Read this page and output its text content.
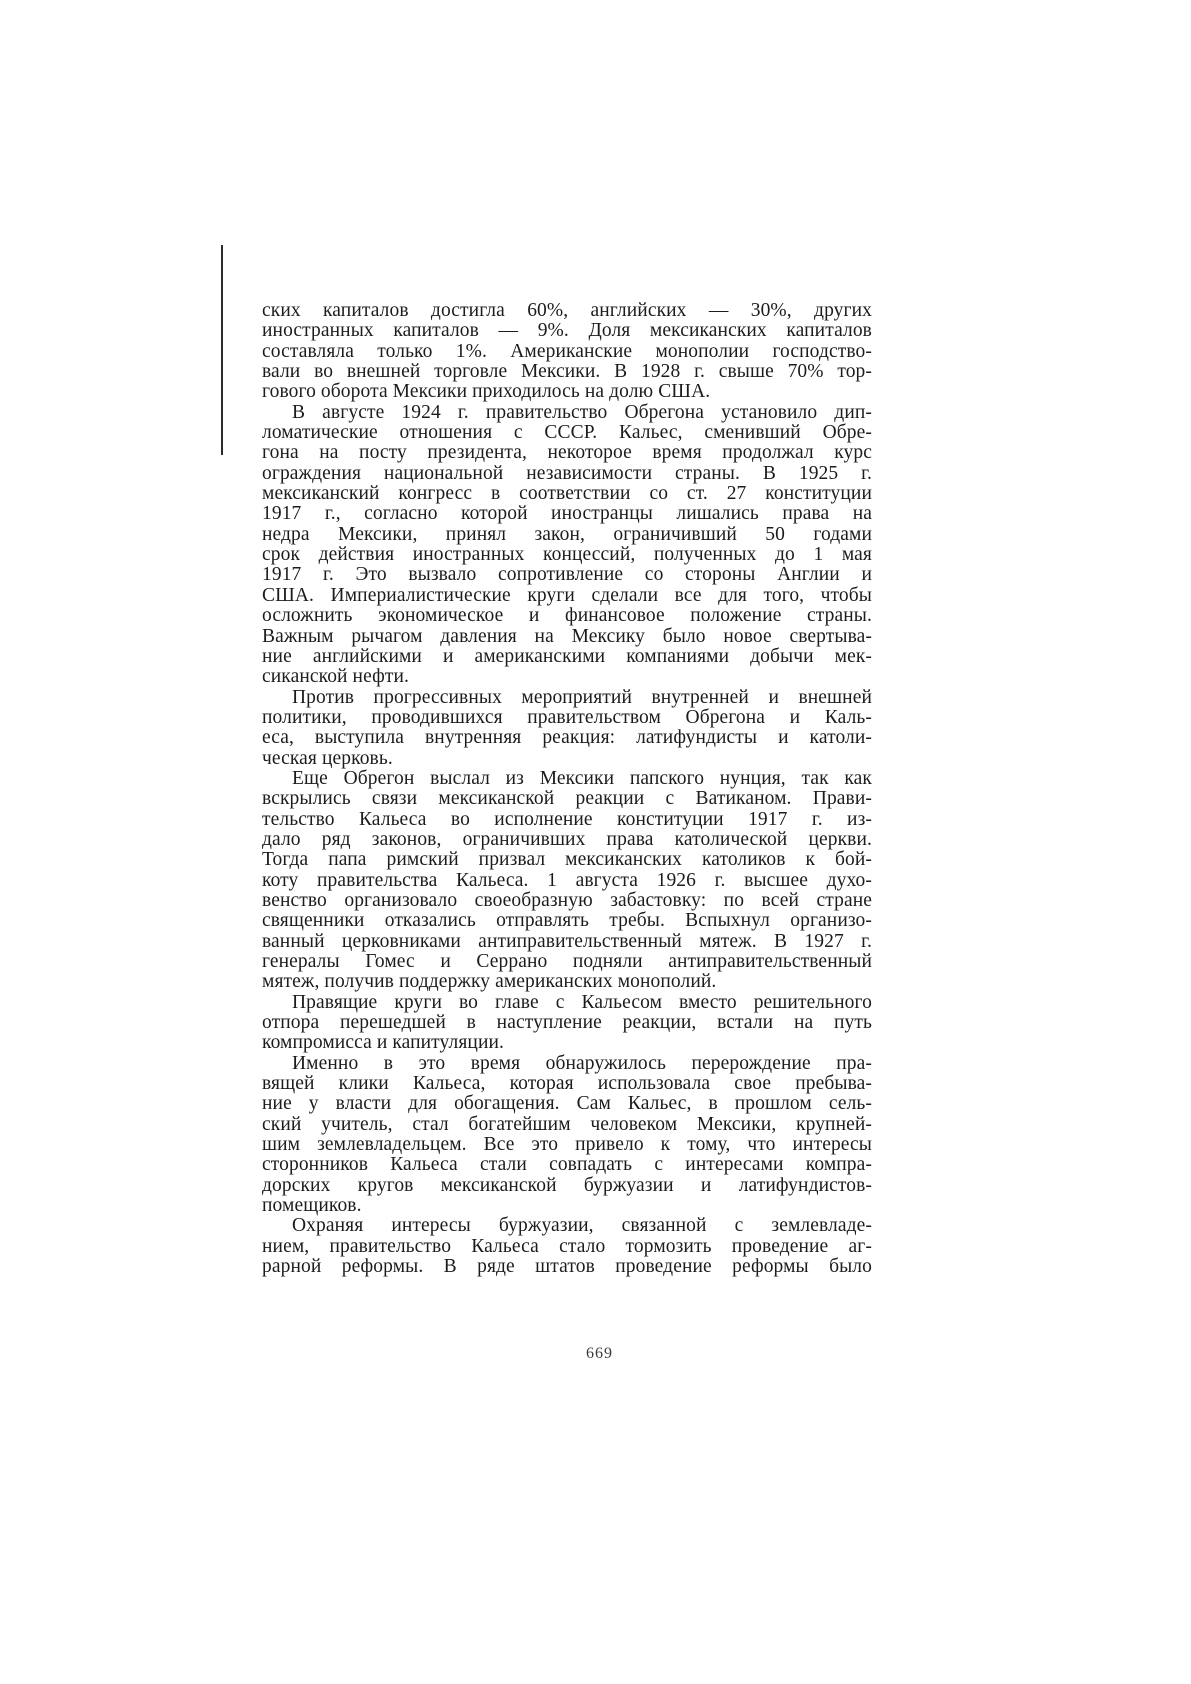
ских капиталов достигла 60%, английских — 30%, других
иностранных капиталов — 9%. Доля мексиканских капиталов
составляла только 1%. Американские монополии господство-
вали во внешней торговле Мексики. В 1928 г. свыше 70% тор-
гового оборота Мексики приходилось на долю США.
В августе 1924 г. правительство Обрегона установило дип-
ломатические отношения с СССР. Кальес, сменивший Обре-
гона на посту президента, некоторое время продолжал курс
ограждения национальной независимости страны. В 1925 г.
мексиканский конгресс в соответствии со ст. 27 конституции
1917 г., согласно которой иностранцы лишались права на
недра Мексики, принял закон, ограничивший 50 годами
срок действия иностранных концессий, полученных до 1 мая
1917 г. Это вызвало сопротивление со стороны Англии и
США. Империалистические круги сделали все для того, чтобы
осложнить экономическое и финансовое положение страны.
Важным рычагом давления на Мексику было новое свертыва-
ние английскими и американскими компаниями добычи мек-
сиканской нефти.
Против прогрессивных мероприятий внутренней и внешней
политики, проводившихся правительством Обрегона и Каль-
еса, выступила внутренняя реакция: латифундисты и католи-
ческая церковь.
Еще Обрегон выслал из Мексики папского нунция, так как
вскрылись связи мексиканской реакции с Ватиканом. Прави-
тельство Кальеса во исполнение конституции 1917 г. из-
дало ряд законов, ограничивших права католической церкви.
Тогда папа римский призвал мексиканских католиков к бой-
коту правительства Кальеса. 1 августа 1926 г. высшее духо-
венство организовало своеобразную забастовку: по всей стране
священники отказались отправлять требы. Вспыхнул организо-
ванный церковниками антиправительственный мятеж. В 1927 г.
генералы Гомес и Серрано подняли антиправительственный
мятеж, получив поддержку американских монополий.
Правящие круги во главе с Кальесом вместо решительного
отпора перешедшей в наступление реакции, встали на путь
компромисса и капитуляции.
Именно в это время обнаружилось перерождение пра-
вящей клики Кальеса, которая использовала свое пребыва-
ние у власти для обогащения. Сам Кальес, в прошлом сель-
ский учитель, стал богатейшим человеком Мексики, крупней-
шим землевладельцем. Все это привело к тому, что интересы
сторонников Кальеса стали совпадать с интересами компра-
дорских кругов мексиканской буржуазии и латифундистов-
помещиков.
Охраняя интересы буржуазии, связанной с землевладе-
нием, правительство Кальеса стало тормозить проведение аг-
рарной реформы. В ряде штатов проведение реформы было
669
